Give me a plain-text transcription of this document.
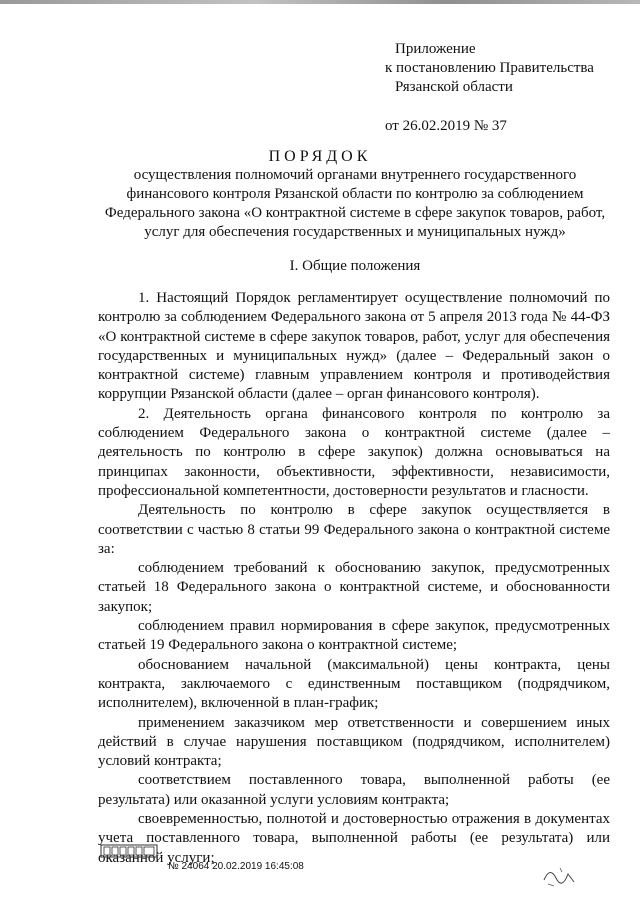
Приложение
к постановлению Правительства
Рязанской области
от 26.02.2019 № 37
ПОРЯДОК
осуществления полномочий органами внутреннего государственного финансового контроля Рязанской области по контролю за соблюдением Федерального закона «О контрактной системе в сфере закупок товаров, работ, услуг для обеспечения государственных и муниципальных нужд»
I. Общие положения

1. Настоящий Порядок регламентирует осуществление полномочий по контролю за соблюдением Федерального закона от 5 апреля 2013 года № 44-ФЗ «О контрактной системе в сфере закупок товаров, работ, услуг для обеспечения государственных и муниципальных нужд» (далее – Федеральный закон о контрактной системе) главным управлением контроля и противодействия коррупции Рязанской области (далее – орган финансового контроля).

2. Деятельность органа финансового контроля по контролю за соблюдением Федерального закона о контрактной системе (далее – деятельность по контролю в сфере закупок) должна основываться на принципах законности, объективности, эффективности, независимости, профессиональной компетентности, достоверности результатов и гласности.

Деятельность по контролю в сфере закупок осуществляется в соответствии с частью 8 статьи 99 Федерального закона о контрактной системе за:

соблюдением требований к обоснованию закупок, предусмотренных статьей 18 Федерального закона о контрактной системе, и обоснованности закупок;

соблюдением правил нормирования в сфере закупок, предусмотренных статьей 19 Федерального закона о контрактной системе;

обоснованием начальной (максимальной) цены контракта, цены контракта, заключаемого с единственным поставщиком (подрядчиком, исполнителем), включенной в план-график;

применением заказчиком мер ответственности и совершением иных действий в случае нарушения поставщиком (подрядчиком, исполнителем) условий контракта;

соответствием поставленного товара, выполненной работы (ее результата) или оказанной услуги условиям контракта;

своевременностью, полнотой и достоверностью отражения в документах учета поставленного товара, выполненной работы (ее результата) или оказанной услуги;

№ 24064 20.02.2019 16:45:08
